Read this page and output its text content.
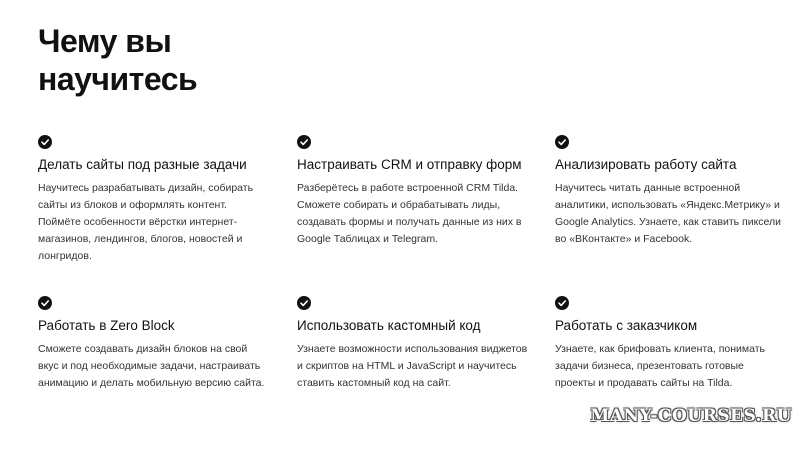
Чему вы
научитесь
Делать сайты под разные задачи

Научитесь разрабатывать дизайн, собирать сайты из блоков и оформлять контент. Поймёте особенности вёрстки интернет-магазинов, лендингов, блогов, новостей и лонгридов.

Настраивать CRM и отправку форм

Разберётесь в работе встроенной CRM Tilda. Сможете собирать и обрабатывать лиды, создавать формы и получать данные из них в Google Таблицах и Telegram.

Анализировать работу сайта

Научитесь читать данные встроенной аналитики, использовать «Яндекс.Метрику» и Google Analytics. Узнаете, как ставить пиксели во «ВКонтакте» и Facebook.

Работать в Zero Block

Сможете создавать дизайн блоков на свой вкус и под необходимые задачи, настраивать анимацию и делать мобильную версию сайта.

Использовать кастомный код

Узнаете возможности использования виджетов и скриптов на HTML и JavaScript и научитесь ставить кастомный код на сайт.

Работать с заказчиком

Узнаете, как брифовать клиента, понимать задачи бизнеса, презентовать готовые проекты и продавать сайты на Tilda.

MANY-COURSES.RU
